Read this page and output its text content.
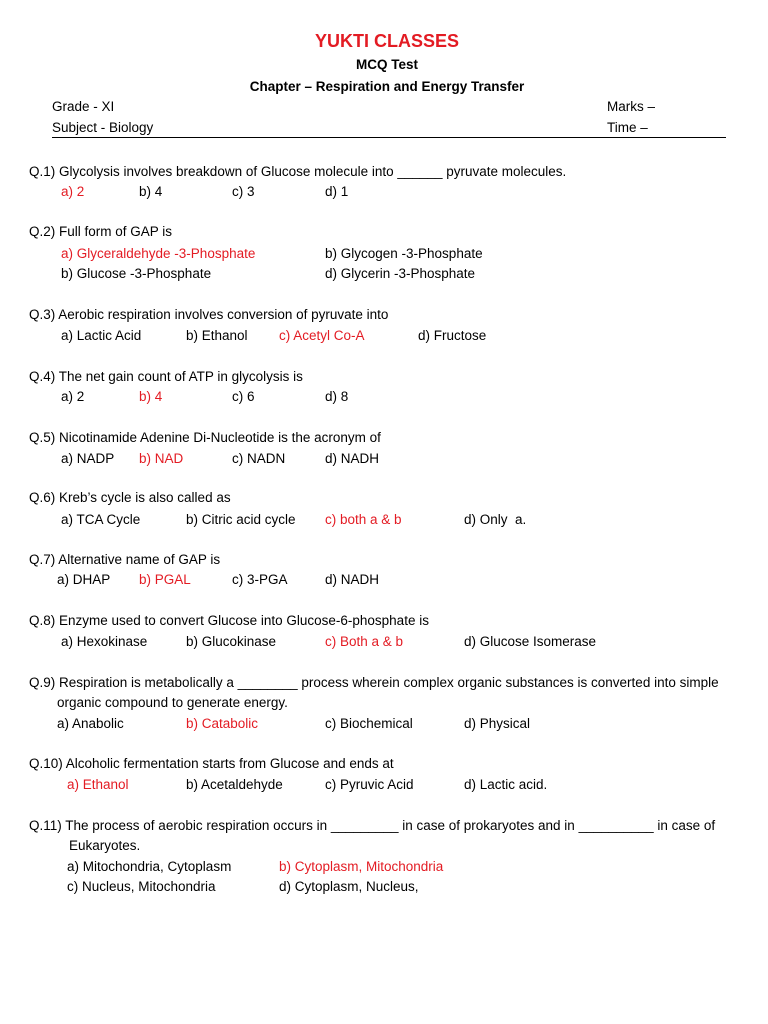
YUKTI CLASSES
MCQ Test
Chapter – Respiration and Energy Transfer
Grade - XI	Marks –
Subject - Biology	Time –
Q.1) Glycolysis involves breakdown of Glucose molecule into ______ pyruvate molecules.
a) 2	b) 4	c) 3	d) 1
Q.2) Full form of GAP is
a) Glyceraldehyde -3-Phosphate	b) Glycogen -3-Phosphate
b) Glucose -3-Phosphate	d) Glycerin -3-Phosphate
Q.3) Aerobic respiration involves conversion of pyruvate into
a) Lactic Acid	b) Ethanol c) Acetyl Co-A	d) Fructose
Q.4) The net gain count of ATP in glycolysis is
a) 2	b) 4	c) 6	d) 8
Q.5) Nicotinamide Adenine Di-Nucleotide is the acronym of
a) NADP b) NAD	c) NADN	d) NADH
Q.6) Kreb’s cycle is also called as
a) TCA Cycle	b) Citric acid cycle c) both a & b	d) Only  a.
Q.7) Alternative name of GAP is
a) DHAP b) PGAL	c) 3-PGA	d) NADH
Q.8) Enzyme used to convert Glucose into Glucose-6-phosphate is
a) Hexokinase	b) Glucokinase	c) Both a & b	d) Glucose Isomerase
Q.9) Respiration is metabolically a ________ process wherein complex organic substances is converted into simple organic compound to generate energy.
a) Anabolic	b) Catabolic	c) Biochemical	d) Physical
Q.10) Alcoholic fermentation starts from Glucose and ends at
a) Ethanol	b) Acetaldehyde	c) Pyruvic Acid	d) Lactic acid.
Q.11) The process of aerobic respiration occurs in _________ in case of prokaryotes and in __________ in case of Eukaryotes.
a) Mitochondria, Cytoplasm	b) Cytoplasm, Mitochondria
c) Nucleus, Mitochondria	d) Cytoplasm, Nucleus,
